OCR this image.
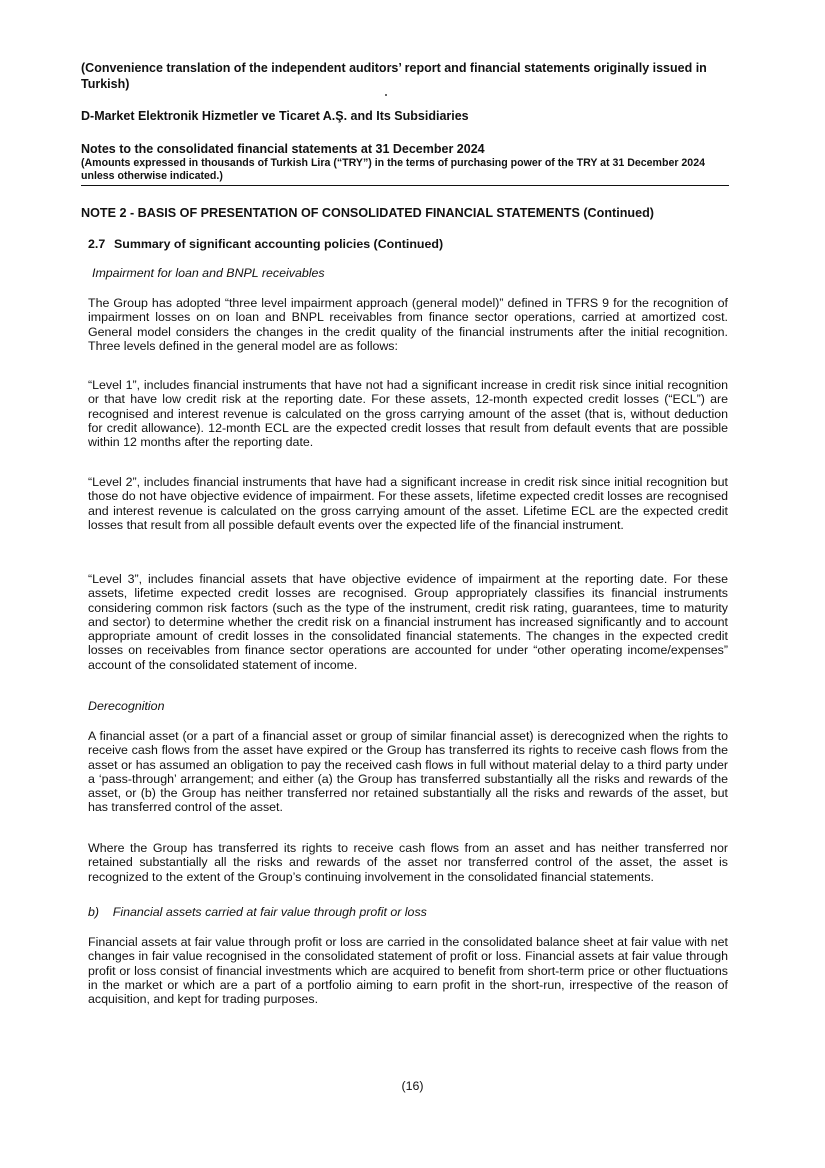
(Convenience translation of the independent auditors’ report and financial statements originally issued in Turkish)
D-Market Elektronik Hizmetler ve Ticaret A.Ş. and Its Subsidiaries
Notes to the consolidated financial statements at 31 December 2024
(Amounts expressed in thousands of Turkish Lira (“TRY”) in the terms of purchasing power of the TRY at 31 December 2024 unless otherwise indicated.)
NOTE 2 - BASIS OF PRESENTATION OF CONSOLIDATED FINANCIAL STATEMENTS (Continued)
2.7 Summary of significant accounting policies (Continued)
Impairment for loan and BNPL receivables
The Group has adopted “three level impairment approach (general model)” defined in TFRS 9 for the recognition of impairment losses on on loan and BNPL receivables from finance sector operations, carried at amortized cost. General model considers the changes in the credit quality of the financial instruments after the initial recognition. Three levels defined in the general model are as follows:
“Level 1”, includes financial instruments that have not had a significant increase in credit risk since initial recognition or that have low credit risk at the reporting date. For these assets, 12-month expected credit losses (“ECL”) are recognised and interest revenue is calculated on the gross carrying amount of the asset (that is, without deduction for credit allowance). 12-month ECL are the expected credit losses that result from default events that are possible within 12 months after the reporting date.
“Level 2”, includes financial instruments that have had a significant increase in credit risk since initial recognition but those do not have objective evidence of impairment. For these assets, lifetime expected credit losses are recognised and interest revenue is calculated on the gross carrying amount of the asset. Lifetime ECL are the expected credit losses that result from all possible default events over the expected life of the financial instrument.
“Level 3”, includes financial assets that have objective evidence of impairment at the reporting date. For these assets, lifetime expected credit losses are recognised. Group appropriately classifies its financial instruments considering common risk factors (such as the type of the instrument, credit risk rating, guarantees, time to maturity and sector) to determine whether the credit risk on a financial instrument has increased significantly and to account appropriate amount of credit losses in the consolidated financial statements. The changes in the expected credit losses on receivables from finance sector operations are accounted for under “other operating income/expenses” account of the consolidated statement of income.
Derecognition
A financial asset (or a part of a financial asset or group of similar financial asset) is derecognized when the rights to receive cash flows from the asset have expired or the Group has transferred its rights to receive cash flows from the asset or has assumed an obligation to pay the received cash flows in full without material delay to a third party under a ‘pass-through’ arrangement; and either (a) the Group has transferred substantially all the risks and rewards of the asset, or (b) the Group has neither transferred nor retained substantially all the risks and rewards of the asset, but has transferred control of the asset.
Where the Group has transferred its rights to receive cash flows from an asset and has neither transferred nor retained substantially all the risks and rewards of the asset nor transferred control of the asset, the asset is recognized to the extent of the Group’s continuing involvement in the consolidated financial statements.
b)    Financial assets carried at fair value through profit or loss
Financial assets at fair value through profit or loss are carried in the consolidated balance sheet at fair value with net changes in fair value recognised in the consolidated statement of profit or loss. Financial assets at fair value through profit or loss consist of financial investments which are acquired to benefit from short-term price or other fluctuations in the market or which are a part of a portfolio aiming to earn profit in the short-run, irrespective of the reason of acquisition, and kept for trading purposes.
(16)
